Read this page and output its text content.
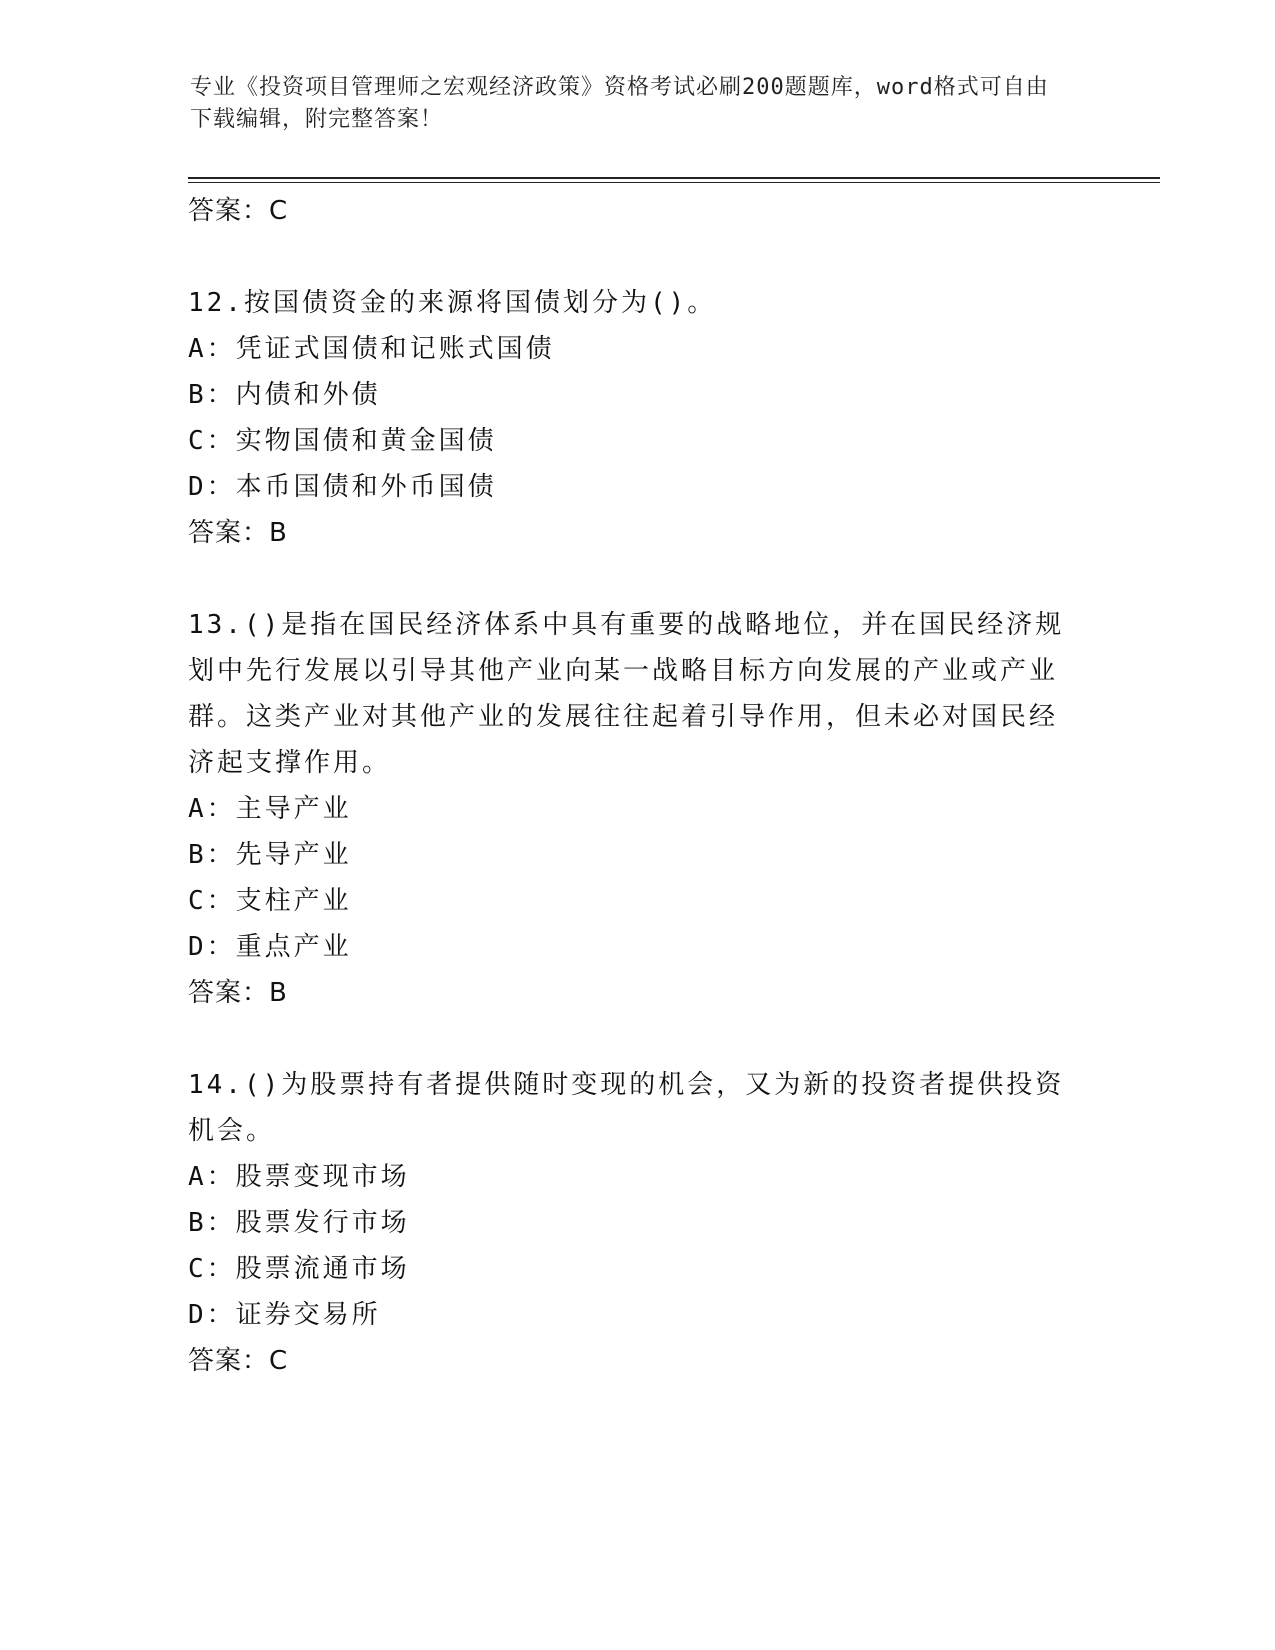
专业《投资项目管理师之宏观经济政策》资格考试必刷200题题库，word格式可自由下载编辑，附完整答案！
答案：C
12.按国债资金的来源将国债划分为()。
A：凭证式国债和记账式国债
B：内债和外债
C：实物国债和黄金国债
D：本币国债和外币国债
答案：B
13.()是指在国民经济体系中具有重要的战略地位，并在国民经济规划中先行发展以引导其他产业向某一战略目标方向发展的产业或产业群。这类产业对其他产业的发展往往起着引导作用，但未必对国民经济起支撑作用。
A：主导产业
B：先导产业
C：支柱产业
D：重点产业
答案：B
14.()为股票持有者提供随时变现的机会，又为新的投资者提供投资机会。
A：股票变现市场
B：股票发行市场
C：股票流通市场
D：证券交易所
答案：C
